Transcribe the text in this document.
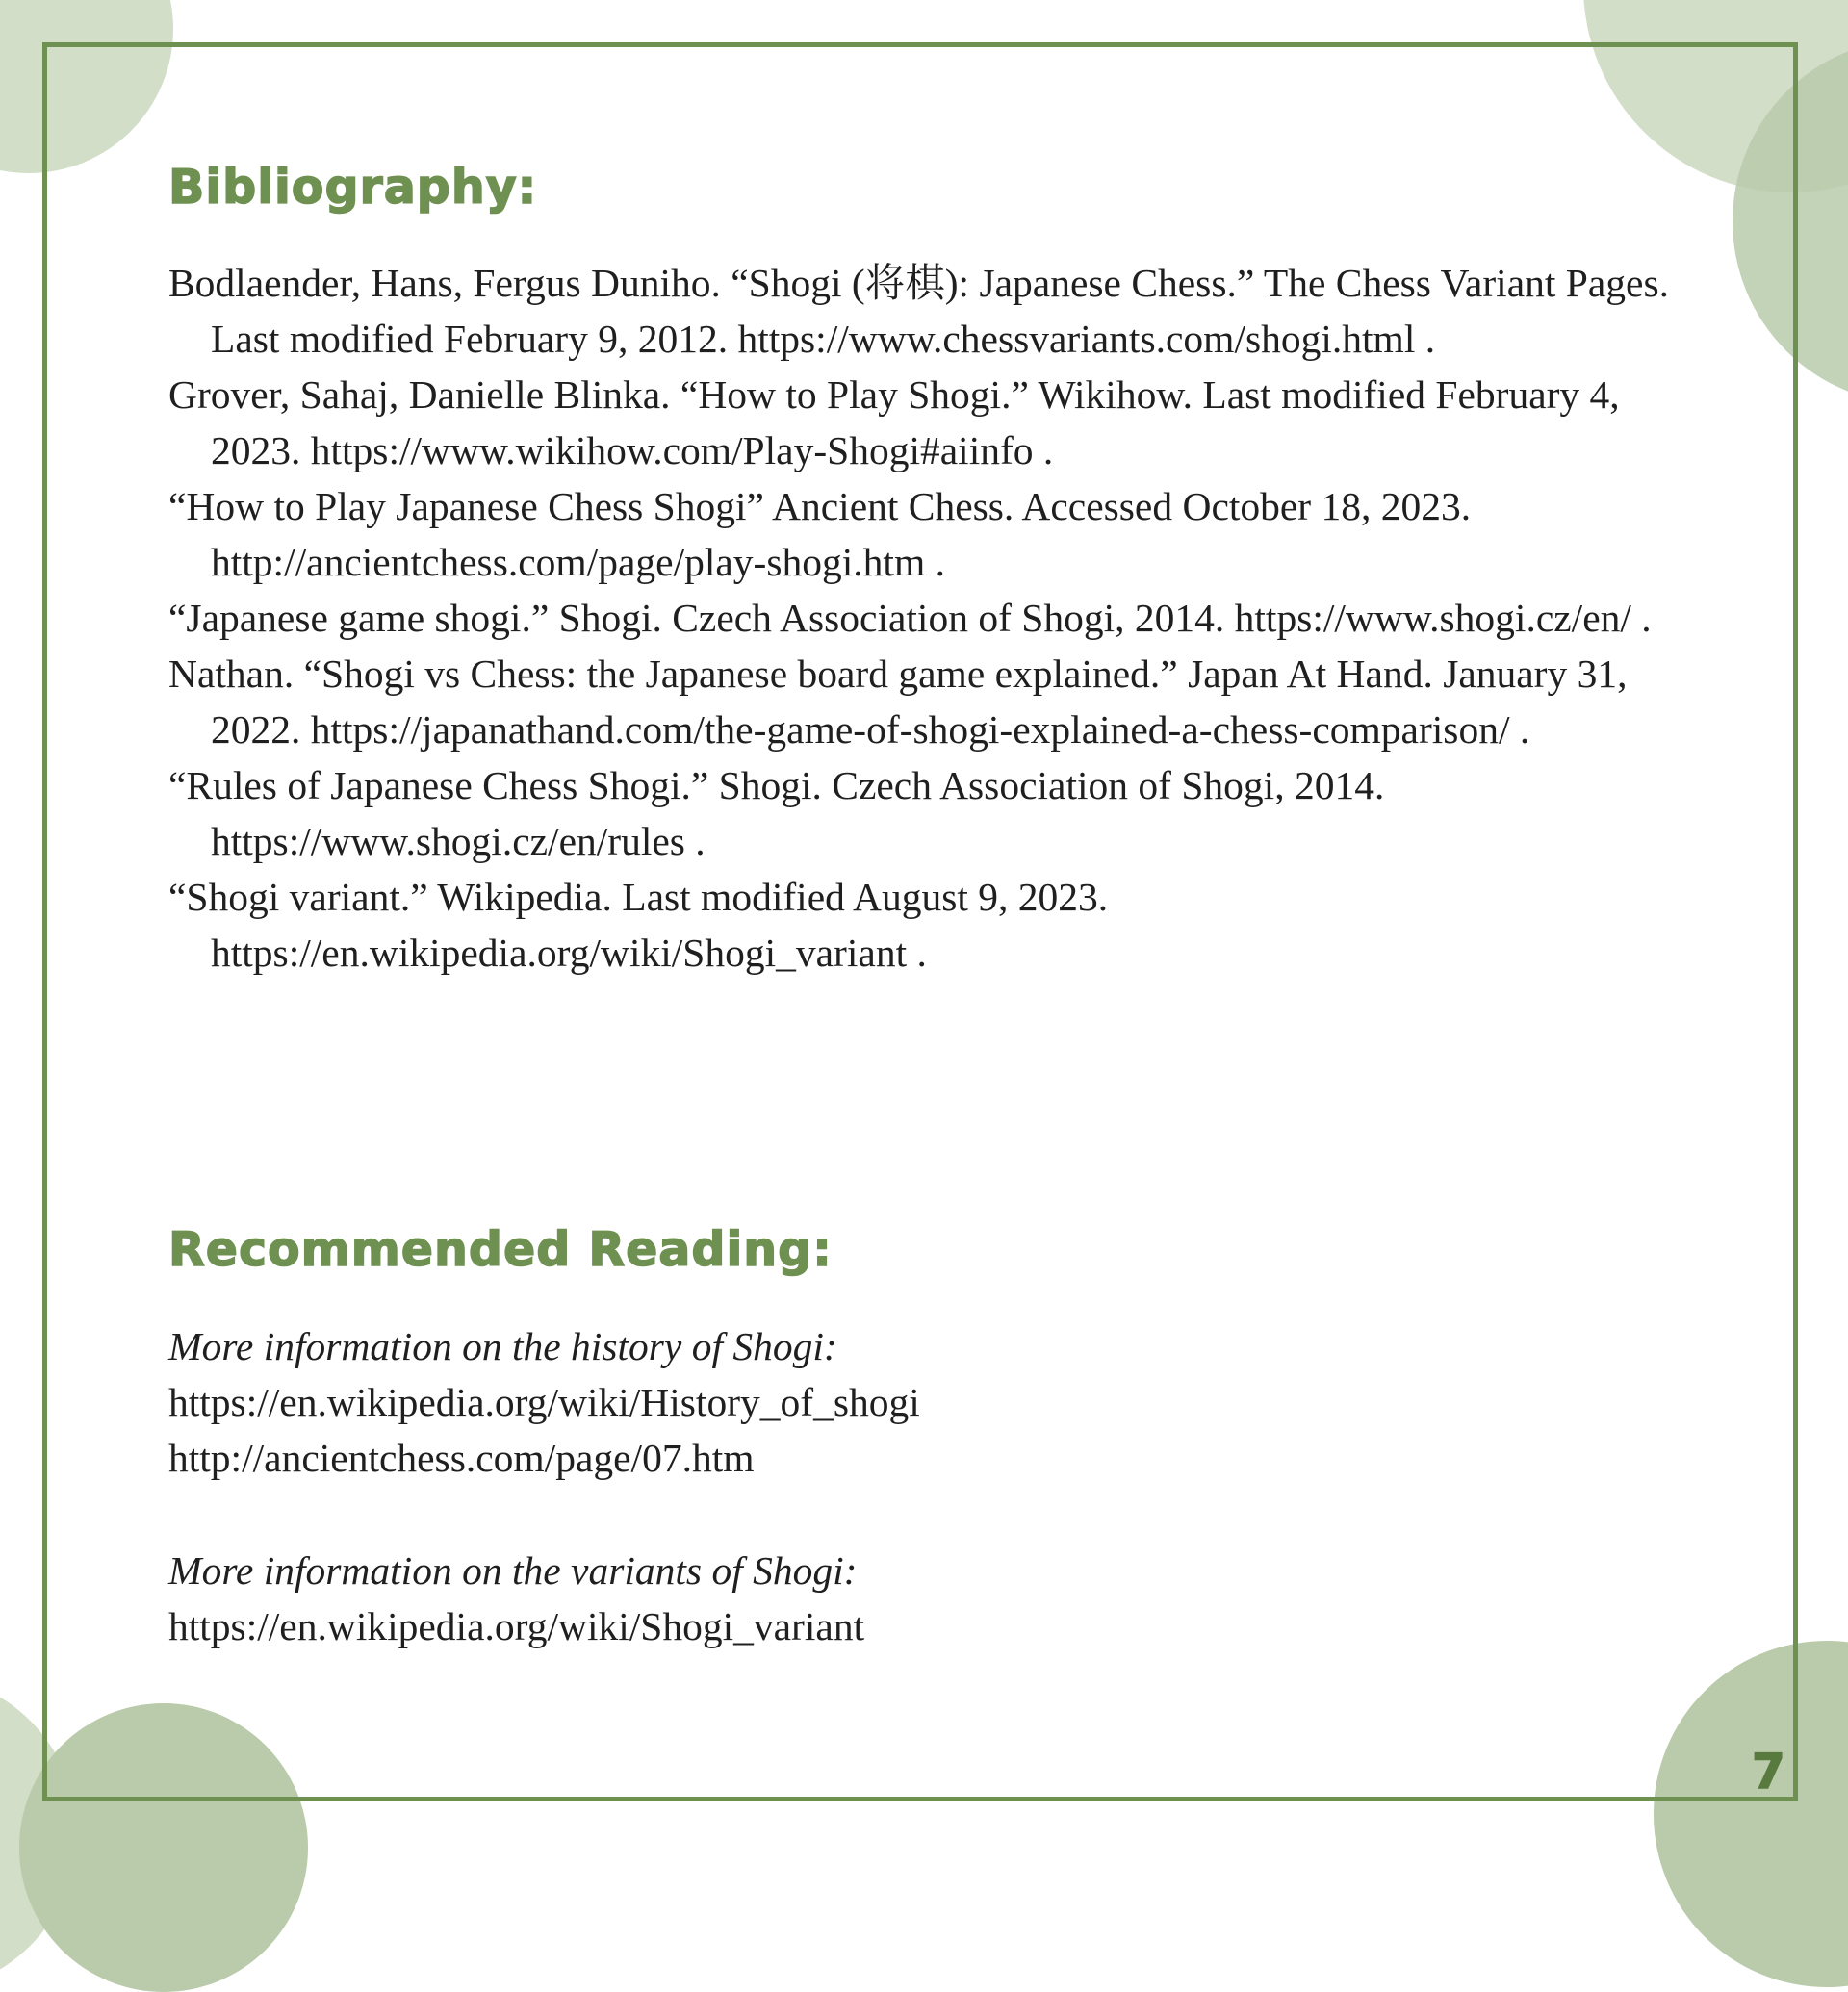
Bibliography:
Bodlaender, Hans, Fergus Duniho. “Shogi (将棋): Japanese Chess.” The Chess Variant Pages. Last modified February 9, 2012. https://www.chessvariants.com/shogi.html .
Grover, Sahaj, Danielle Blinka. “How to Play Shogi.” Wikihow. Last modified February 4, 2023. https://www.wikihow.com/Play-Shogi#aiinfo .
“How to Play Japanese Chess Shogi” Ancient Chess. Accessed October 18, 2023. http://ancientchess.com/page/play-shogi.htm .
“Japanese game shogi.” Shogi. Czech Association of Shogi, 2014. https://www.shogi.cz/en/ .
Nathan. “Shogi vs Chess: the Japanese board game explained.” Japan At Hand. January 31, 2022. https://japanathand.com/the-game-of-shogi-explained-a-chess-comparison/ .
“Rules of Japanese Chess Shogi.” Shogi. Czech Association of Shogi, 2014. https://www.shogi.cz/en/rules .
“Shogi variant.” Wikipedia. Last modified August 9, 2023. https://en.wikipedia.org/wiki/Shogi_variant .
Recommended Reading:
More information on the history of Shogi:
https://en.wikipedia.org/wiki/History_of_shogi
http://ancientchess.com/page/07.htm
More information on the variants of Shogi:
https://en.wikipedia.org/wiki/Shogi_variant
7
